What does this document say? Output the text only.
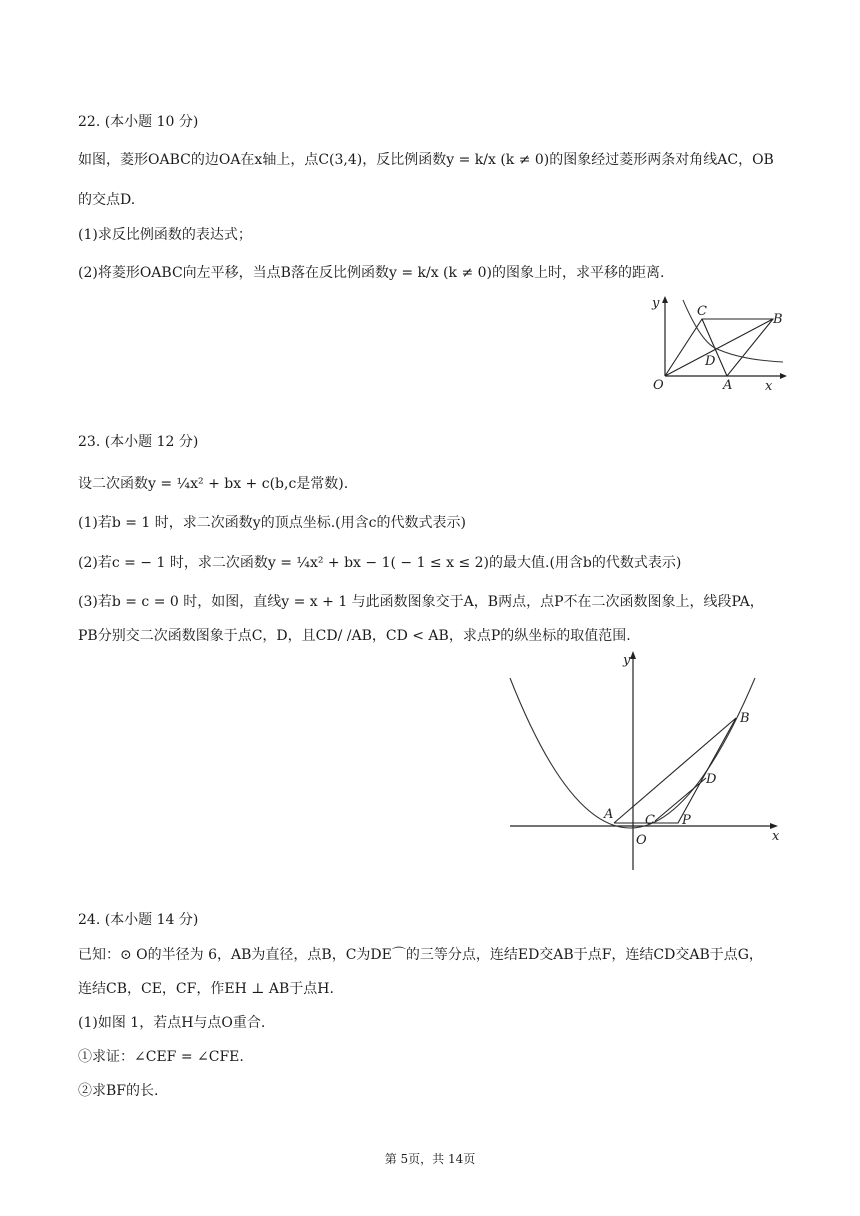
22. (本小题 10 分)
如图，菱形OABC的边OA在x轴上，点C(3,4)，反比例函数y = k/x (k ≠ 0)的图象经过菱形两条对角线AC，OB
的交点D.
(1)求反比例函数的表达式；
(2)将菱形OABC向左平移，当点B落在反比例函数y = k/x (k ≠ 0)的图象上时，求平移的距离.
y
x
O	A
B
C
D
23. (本小题 12 分)
设二次函数y = ¼x² + bx + c(b,c是常数).
(1)若b = 1 时，求二次函数y的顶点坐标.(用含c的代数式表示)
(2)若c = − 1 时，求二次函数y = ¼x² + bx − 1( − 1 ≤ x ≤ 2)的最大值.(用含b的代数式表示)
(3)若b = c = 0 时，如图，直线y = x + 1 与此函数图象交于A，B两点，点P不在二次函数图象上，线段PA，
PB分别交二次函数图象于点C，D，且CD/ /AB，CD < AB，求点P的纵坐标的取值范围.
y
x
O
A
B
C
D
P
24. (本小题 14 分)
已知：⊙ O的半径为 6，AB为直径，点B，C为DE⌒的三等分点，连结ED交AB于点F，连结CD交AB于点G，
连结CB，CE，CF，作EH ⊥ AB于点H.
(1)如图 1，若点H与点O重合.
①求证：∠CEF = ∠CFE.
②求BF的长.
第 5页，共 14页
